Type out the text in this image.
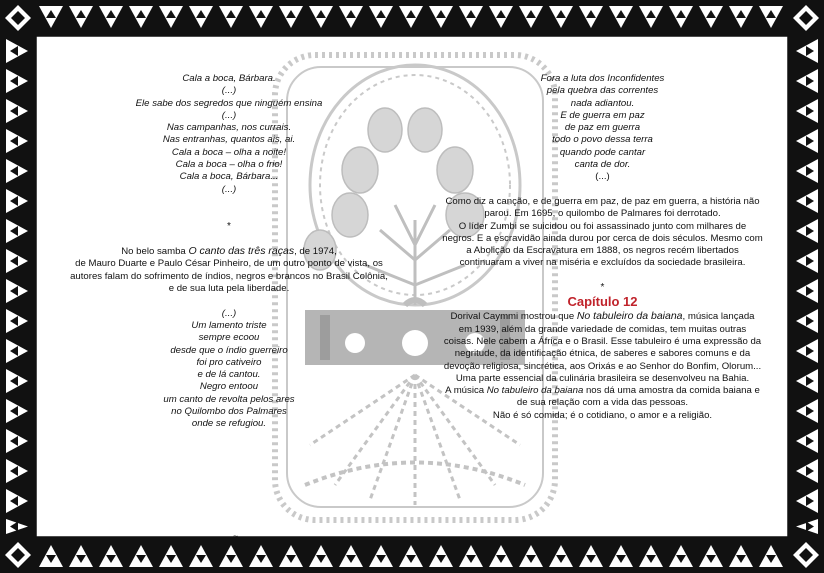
Cala a boca, Bárbara.

(...)

Ele sabe dos segredos que ninguém ensina

(...)

Nas campanhas, nos currais.

Nas entranhas, quantos ais, ai.

Cala a boca – olha a noite!

Cala a boca – olha o frio!

Cala a boca, Bárbara...

(...)

*

No belo samba O canto das três raças, de 1974,

de Mauro Duarte e Paulo César Pinheiro, de um outro ponto de vista, os

autores falam do sofrimento de índios, negros e brancos no Brasil Colônia,

e de sua luta pela liberdade.

(...)

Um lamento triste

sempre ecoou

desde que o índio guerreiro

foi pro cativeiro

e de lá cantou.

Negro entoou

um canto de revolta pelos ares

no Quilombo dos Palmares

onde se refugiou.

Fora a luta dos Inconfidentes

pela quebra das correntes

nada adiantou.

E de guerra em paz

de paz em guerra

todo o povo dessa terra

quando pode cantar

canta de dor.

(...)

Como diz a canção, e de guerra em paz, de paz em guerra, a história não

parou. Em 1695, o quilombo de Palmares foi derrotado.

O líder Zumbi se suicidou ou foi assassinado junto com milhares de

negros. E a escravidão ainda durou por cerca de dois séculos. Mesmo com

a Abolição da Escravatura em 1888, os negros recém libertados

continuaram a viver na miséria e excluídos da sociedade brasileira.

*

Capítulo 12

Dorival Caymmi mostrou que No tabuleiro da baiana, música lançada

em 1939, além da grande variedade de comidas, tem muitas outras

coisas. Nele cabem a África e o Brasil. Esse tabuleiro é uma expressão da

negritude, da identificação étnica, de saberes e sabores comuns e da

devoção religiosa, sincrética, aos Orixás e ao Senhor do Bonfim, Olorum...

Uma parte essencial da culinária brasileira se desenvolveu na Bahia.

A música No tabuleiro da baiana nos dá uma amostra da comida baiana e

de sua relação com a vida das pessoas.

Não é só comida; é o cotidiano, o amor e a religião.

~
